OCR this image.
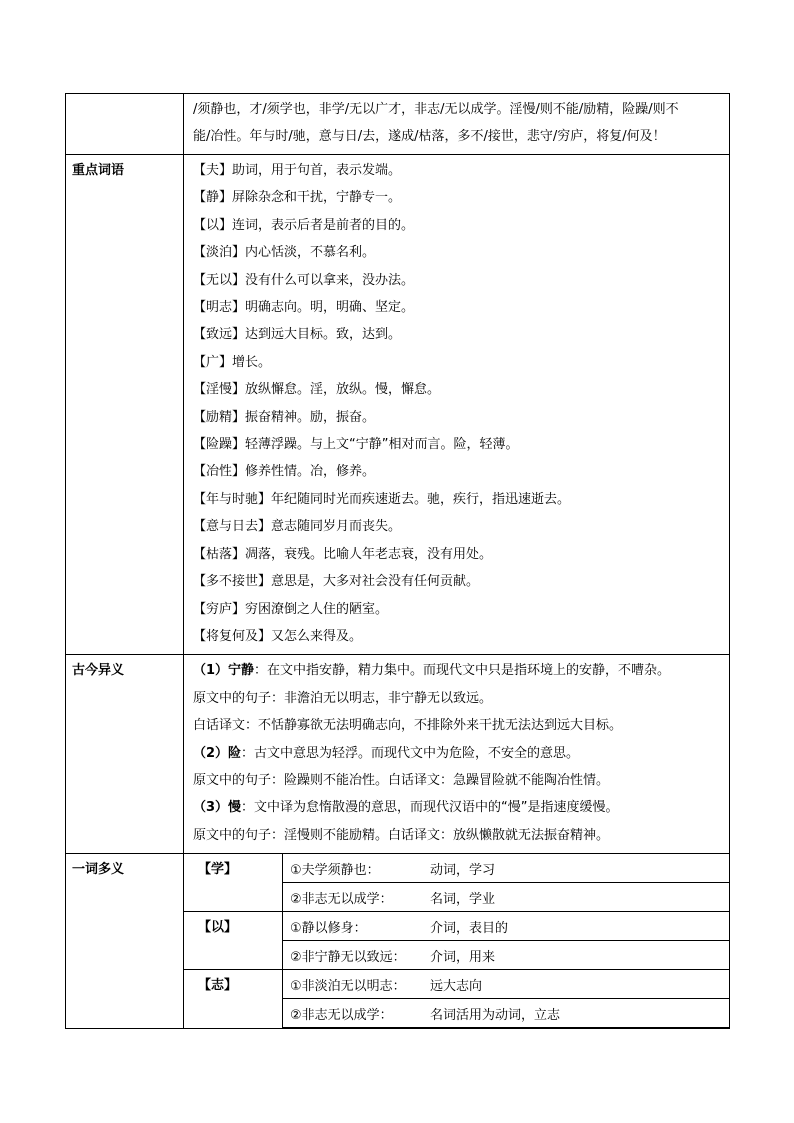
/须静也，才/须学也，非学/无以广才，非志/无以成学。淫慢/则不能/励精，险躁/则不
能/冶性。年与时/驰，意与日/去，遂成/枯落，多不/接世，悲守/穷庐，将复/何及！

重点词语	【夫】助词，用于句首，表示发端。
【静】屏除杂念和干扰，宁静专一。
【以】连词，表示后者是前者的目的。
【淡泊】内心恬淡，不慕名利。
【无以】没有什么可以拿来，没办法。
【明志】明确志向。明，明确、坚定。
【致远】达到远大目标。致，达到。
【广】增长。
【淫慢】放纵懈怠。淫，放纵。慢，懈怠。
【励精】振奋精神。励，振奋。
【险躁】轻薄浮躁。与上文“宁静”相对而言。险，轻薄。
【冶性】修养性情。冶，修养。
【年与时驰】年纪随同时光而疾速逝去。驰，疾行，指迅速逝去。
【意与日去】意志随同岁月而丧失。
【枯落】凋落，衰残。比喻人年老志衰，没有用处。
【多不接世】意思是，大多对社会没有任何贡献。
【穷庐】穷困潦倒之人住的陋室。
【将复何及】又怎么来得及。

古今异义	（1）宁静：在文中指安静，精力集中。而现代文中只是指环境上的安静，不嘈杂。
原文中的句子：非澹泊无以明志，非宁静无以致远。
白话译文：不恬静寡欲无法明确志向，不排除外来干扰无法达到远大目标。
（2）险：古文中意思为轻浮。而现代文中为危险，不安全的意思。
原文中的句子：险躁则不能冶性。白话译文：急躁冒险就不能陶冶性情。
（3）慢：文中译为怠惰散漫的意思，而现代汉语中的“慢”是指速度缓慢。
原文中的句子：淫慢则不能励精。白话译文：放纵懒散就无法振奋精神。

一词多义		【学】	①夫学须静也：	动词，学习
②非志无以成学：	名词，学业

【以】	①静以修身：	介词，表目的
②非宁静无以致远：	介词，用来

【志】	①非淡泊无以明志：	远大志向
②非志无以成学：	名词活用为动词，立志
